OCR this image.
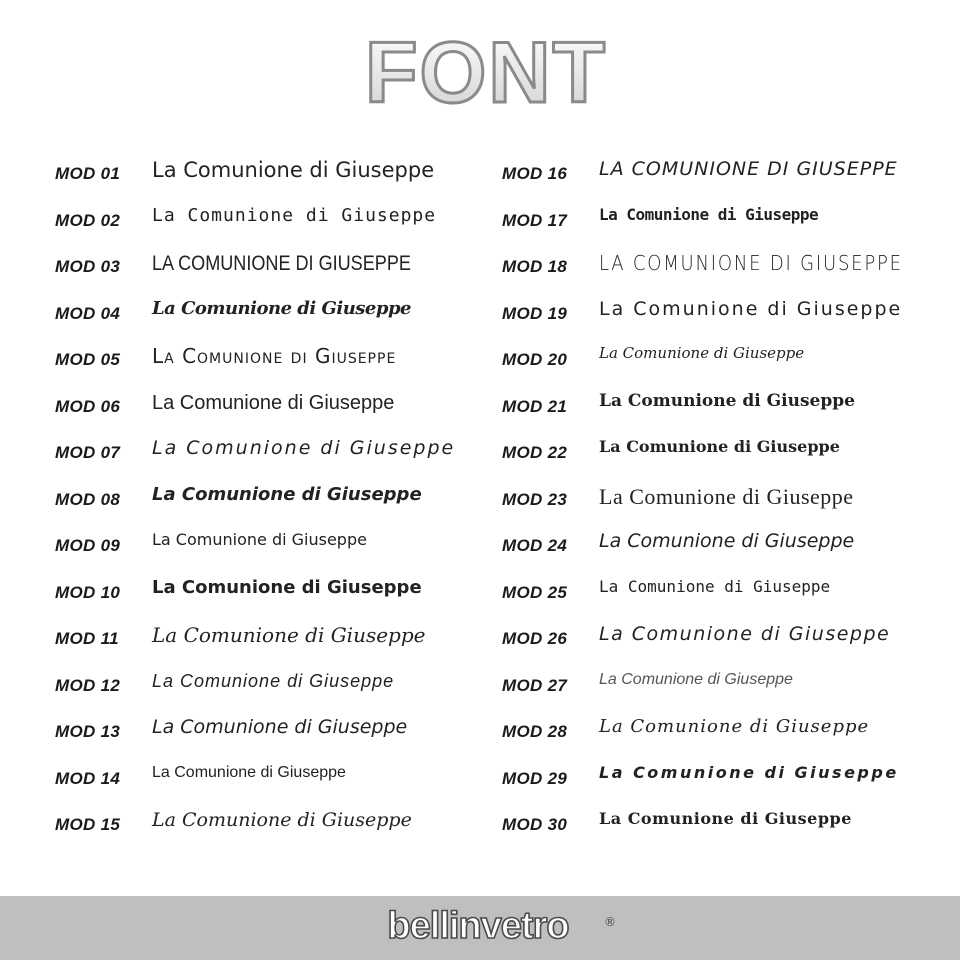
FONT
MOD 01 La Comunione di Giuseppe
MOD 02 La Comunione di Giuseppe
MOD 03 LA COMUNIONE DI GIUSEPPE
MOD 04 La Comunione di Giuseppe
MOD 05 La Comunione di Giuseppe
MOD 06 La Comunione di Giuseppe
MOD 07 La Comunione di Giuseppe
MOD 08 La Comunione di Giuseppe
MOD 09 La Comunione di Giuseppe
MOD 10 La Comunione di Giuseppe
MOD 11 La Comunione di Giuseppe
MOD 12 La Comunione di Giuseppe
MOD 13 La Comunione di Giuseppe
MOD 14 La Comunione di Giuseppe
MOD 15 La Comunione di Giuseppe
MOD 16 LA COMUNIONE DI GIUSEPPE
MOD 17 La Comunione di Giuseppe
MOD 18 LA COMUNIONE DI GIUSEPPE
MOD 19 La Comunione di Giuseppe
MOD 20 La Comunione di Giuseppe
MOD 21 La Comunione di Giuseppe
MOD 22 La Comunione di Giuseppe
MOD 23 La Comunione di Giuseppe
MOD 24 La Comunione di Giuseppe
MOD 25 La Comunione di Giuseppe
MOD 26 La Comunione di Giuseppe
MOD 27 La Comunione di Giuseppe
MOD 28 La Comunione di Giuseppe
MOD 29 La Comunione di Giuseppe
MOD 30 La Comunione di Giuseppe
bellinvetro	®
